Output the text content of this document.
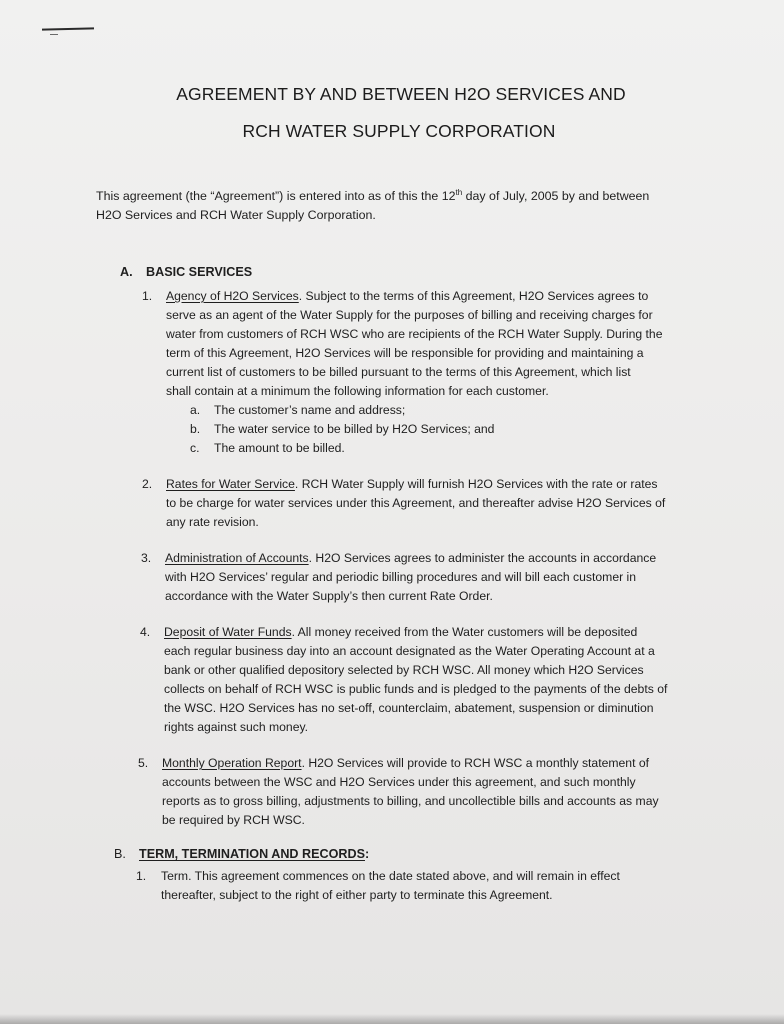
AGREEMENT BY AND BETWEEN H2O SERVICES AND
RCH WATER SUPPLY CORPORATION
This agreement (the “Agreement”) is entered into as of this the 12th day of July, 2005 by and between
H2O Services and RCH Water Supply Corporation.
A. BASIC SERVICES
1. Agency of H2O Services. Subject to the terms of this Agreement, H2O Services agrees to
serve as an agent of the Water Supply for the purposes of billing and receiving charges for
water from customers of RCH WSC who are recipients of the RCH Water Supply. During the
term of this Agreement, H2O Services will be responsible for providing and maintaining a
current list of customers to be billed pursuant to the terms of this Agreement, which list
shall contain at a minimum the following information for each customer.
a. The customer’s name and address;
b. The water service to be billed by H2O Services; and
c. The amount to be billed.
2. Rates for Water Service. RCH Water Supply will furnish H2O Services with the rate or rates
to be charge for water services under this Agreement, and thereafter advise H2O Services of
any rate revision.
3. Administration of Accounts. H2O Services agrees to administer the accounts in accordance
with H2O Services’ regular and periodic billing procedures and will bill each customer in
accordance with the Water Supply’s then current Rate Order.
4. Deposit of Water Funds. All money received from the Water customers will be deposited
each regular business day into an account designated as the Water Operating Account at a
bank or other qualified depository selected by RCH WSC. All money which H2O Services
collects on behalf of RCH WSC is public funds and is pledged to the payments of the debts of
the WSC. H2O Services has no set-off, counterclaim, abatement, suspension or diminution
rights against such money.
5. Monthly Operation Report. H2O Services will provide to RCH WSC a monthly statement of
accounts between the WSC and H2O Services under this agreement, and such monthly
reports as to gross billing, adjustments to billing, and uncollectible bills and accounts as may
be required by RCH WSC.
B. TERM, TERMINATION AND RECORDS:
1. Term. This agreement commences on the date stated above, and will remain in effect
thereafter, subject to the right of either party to terminate this Agreement.
